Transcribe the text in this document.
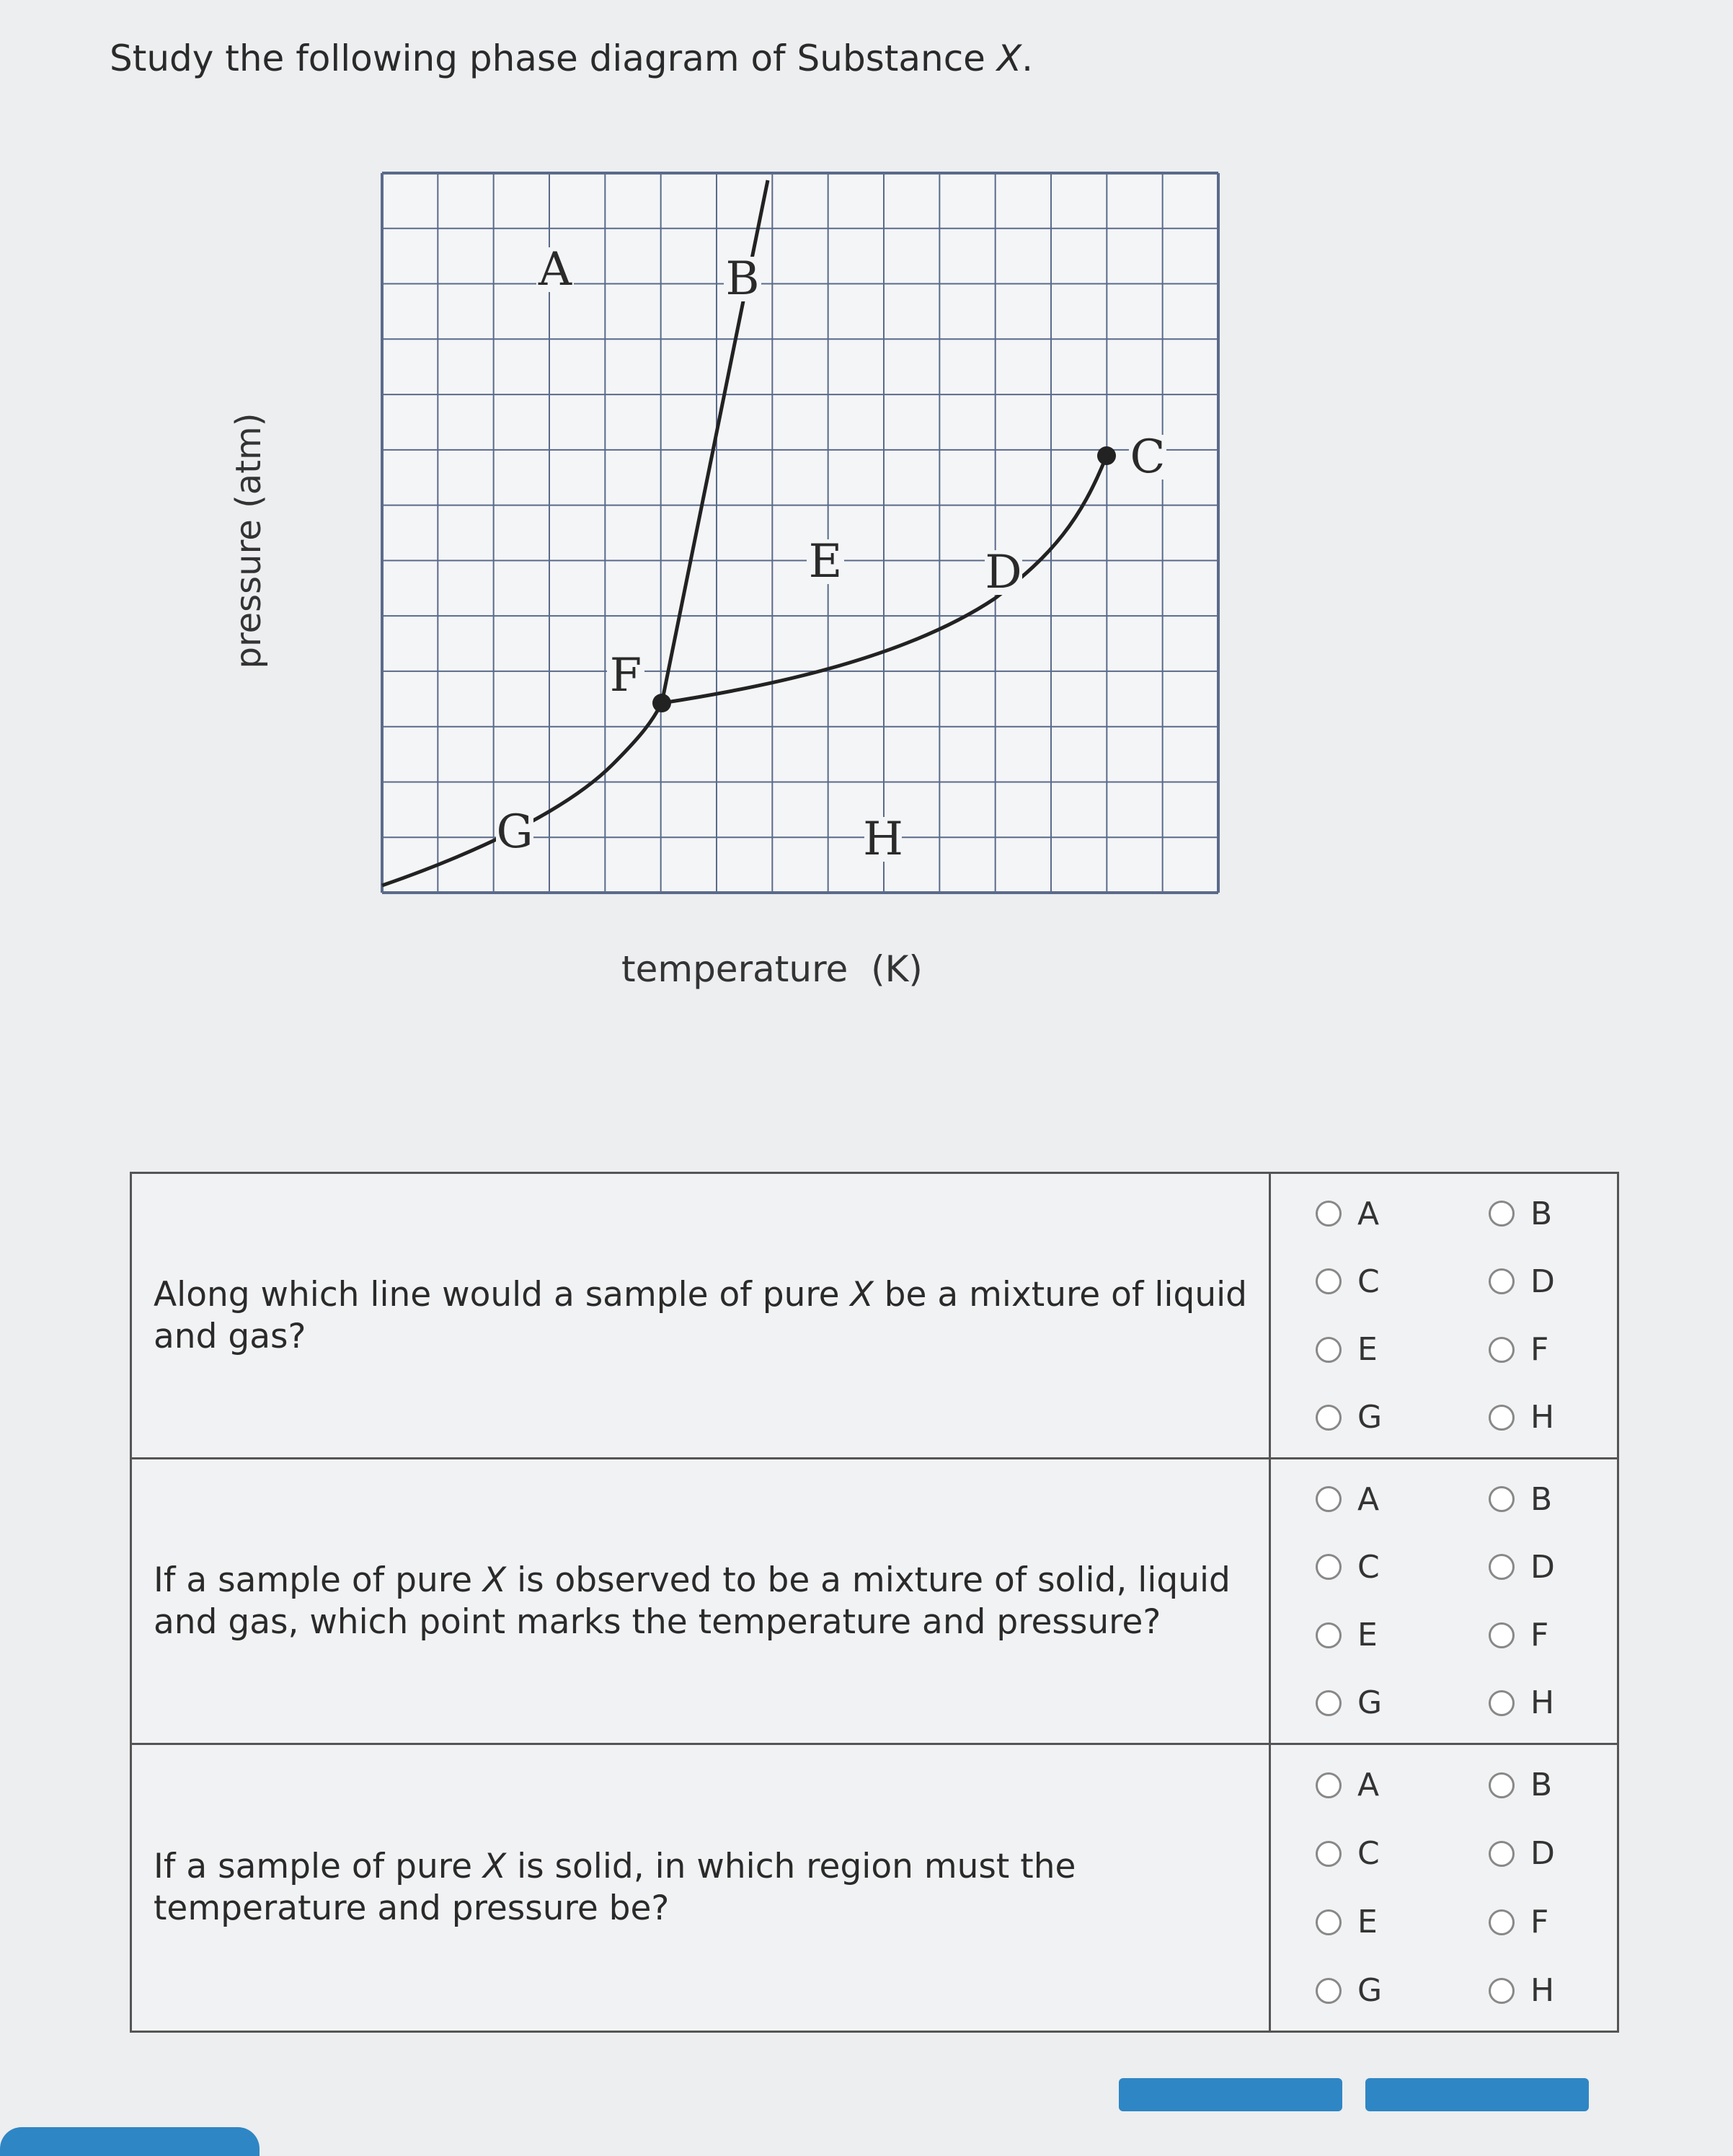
Study the following phase diagram of Substance X.

pressure (atm)
A	B
C
D
E
F
G	H
temperature  (K)
Along which line would a sample of pure X be a mixture of liquid and gas?
A	B
C	D
E	F
G	H
If a sample of pure X is observed to be a mixture of solid, liquid and gas, which point marks the temperature and pressure?
A	B
C	D
E	F
G	H
If a sample of pure X is solid, in which region must the temperature and pressure be?
A	B
C	D
E	F
G	H
